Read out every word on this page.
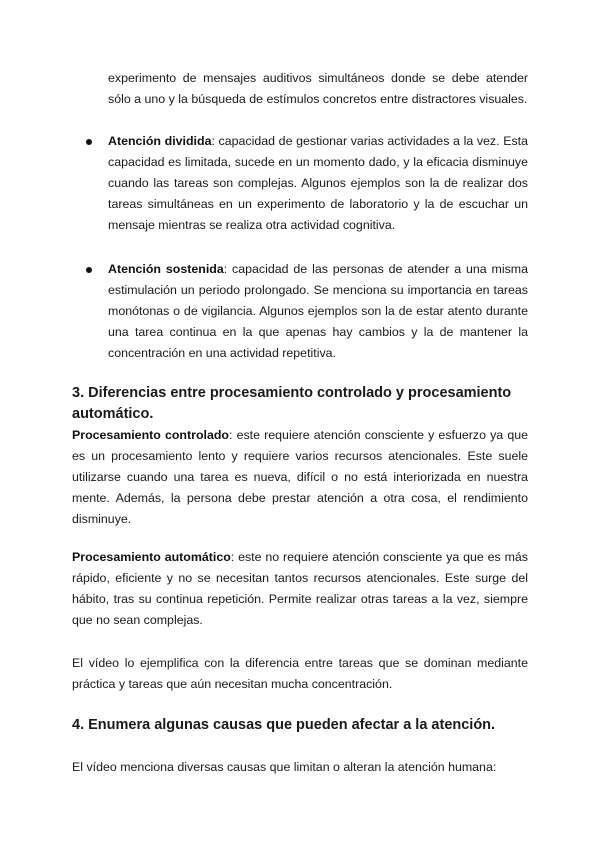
experimento de mensajes auditivos simultáneos donde se debe atender sólo a uno y la búsqueda de estímulos concretos entre distractores visuales.

Atención dividida: capacidad de gestionar varias actividades a la vez. Esta capacidad es limitada, sucede en un momento dado, y la eficacia disminuye cuando las tareas son complejas. Algunos ejemplos son la de realizar dos tareas simultáneas en un experimento de laboratorio y la de escuchar un mensaje mientras se realiza otra actividad cognitiva.

Atención sostenida: capacidad de las personas de atender a una misma estimulación un periodo prolongado. Se menciona su importancia en tareas monótonas o de vigilancia. Algunos ejemplos son la de estar atento durante una tarea continua en la que apenas hay cambios y la de mantener la concentración en una actividad repetitiva.

3. Diferencias entre procesamiento controlado y procesamiento automático.

Procesamiento controlado: este requiere atención consciente y esfuerzo ya que es un procesamiento lento y requiere varios recursos atencionales. Este suele utilizarse cuando una tarea es nueva, difícil o no está interiorizada en nuestra mente. Además, la persona debe prestar atención a otra cosa, el rendimiento disminuye.

Procesamiento automático: este no requiere atención consciente ya que es más rápido, eficiente y no se necesitan tantos recursos atencionales. Este surge del hábito, tras su continua repetición. Permite realizar otras tareas a la vez, siempre que no sean complejas.

El vídeo lo ejemplifica con la diferencia entre tareas que se dominan mediante práctica y tareas que aún necesitan mucha concentración.

4. Enumera algunas causas que pueden afectar a la atención.

El vídeo menciona diversas causas que limitan o alteran la atención humana:
